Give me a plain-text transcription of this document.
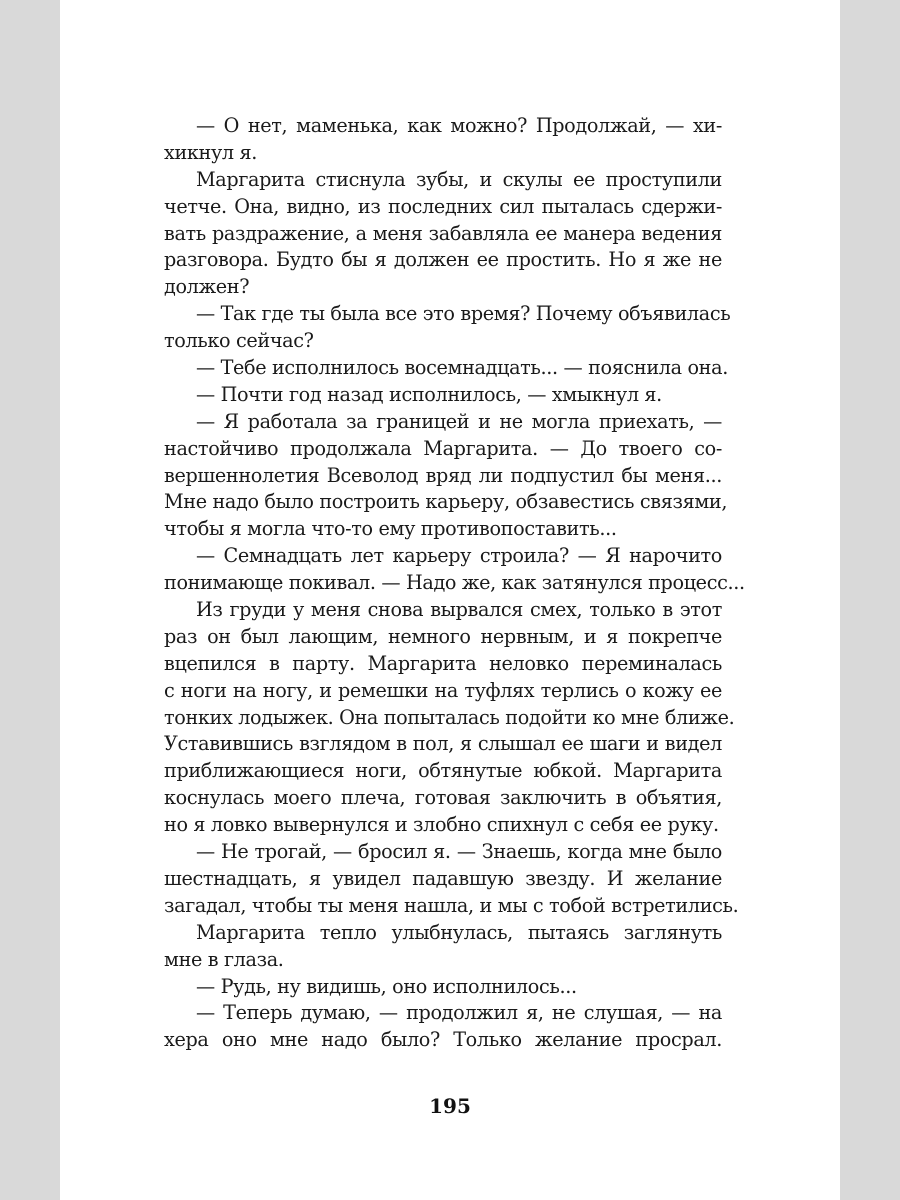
— О нет, маменька, как можно? Продолжай, — хи-
хикнул я.
Маргарита стиснула зубы, и скулы ее проступили
четче. Она, видно, из последних сил пыталась сдержи-
вать раздражение, а меня забавляла ее манера ведения
разговора. Будто бы я должен ее простить. Но я же не
должен?
— Так где ты была все это время? Почему объявилась
только сейчас?
— Тебе исполнилось восемнадцать... — пояснила она.
— Почти год назад исполнилось, — хмыкнул я.
— Я работала за границей и не могла приехать, —
настойчиво продолжала Маргарита. — До твоего со-
вершеннолетия Всеволод вряд ли подпустил бы меня...
Мне надо было построить карьеру, обзавестись связями,
чтобы я могла что-то ему противопоставить...
— Семнадцать лет карьеру строила? — Я нарочито
понимающе покивал. — Надо же, как затянулся процесс...
Из груди у меня снова вырвался смех, только в этот
раз он был лающим, немного нервным, и я покрепче
вцепился в парту. Маргарита неловко переминалась
с ноги на ногу, и ремешки на туфлях терлись о кожу ее
тонких лодыжек. Она попыталась подойти ко мне ближе.
Уставившись взглядом в пол, я слышал ее шаги и видел
приближающиеся ноги, обтянутые юбкой. Маргарита
коснулась моего плеча, готовая заключить в объятия,
но я ловко вывернулся и злобно спихнул с себя ее руку.
— Не трогай, — бросил я. — Знаешь, когда мне было
шестнадцать, я увидел падавшую звезду. И желание
загадал, чтобы ты меня нашла, и мы с тобой встретились.
Маргарита тепло улыбнулась, пытаясь заглянуть
мне в глаза.
— Рудь, ну видишь, оно исполнилось...
— Теперь думаю, — продолжил я, не слушая, — на
хера оно мне надо было? Только желание просрал.
195
